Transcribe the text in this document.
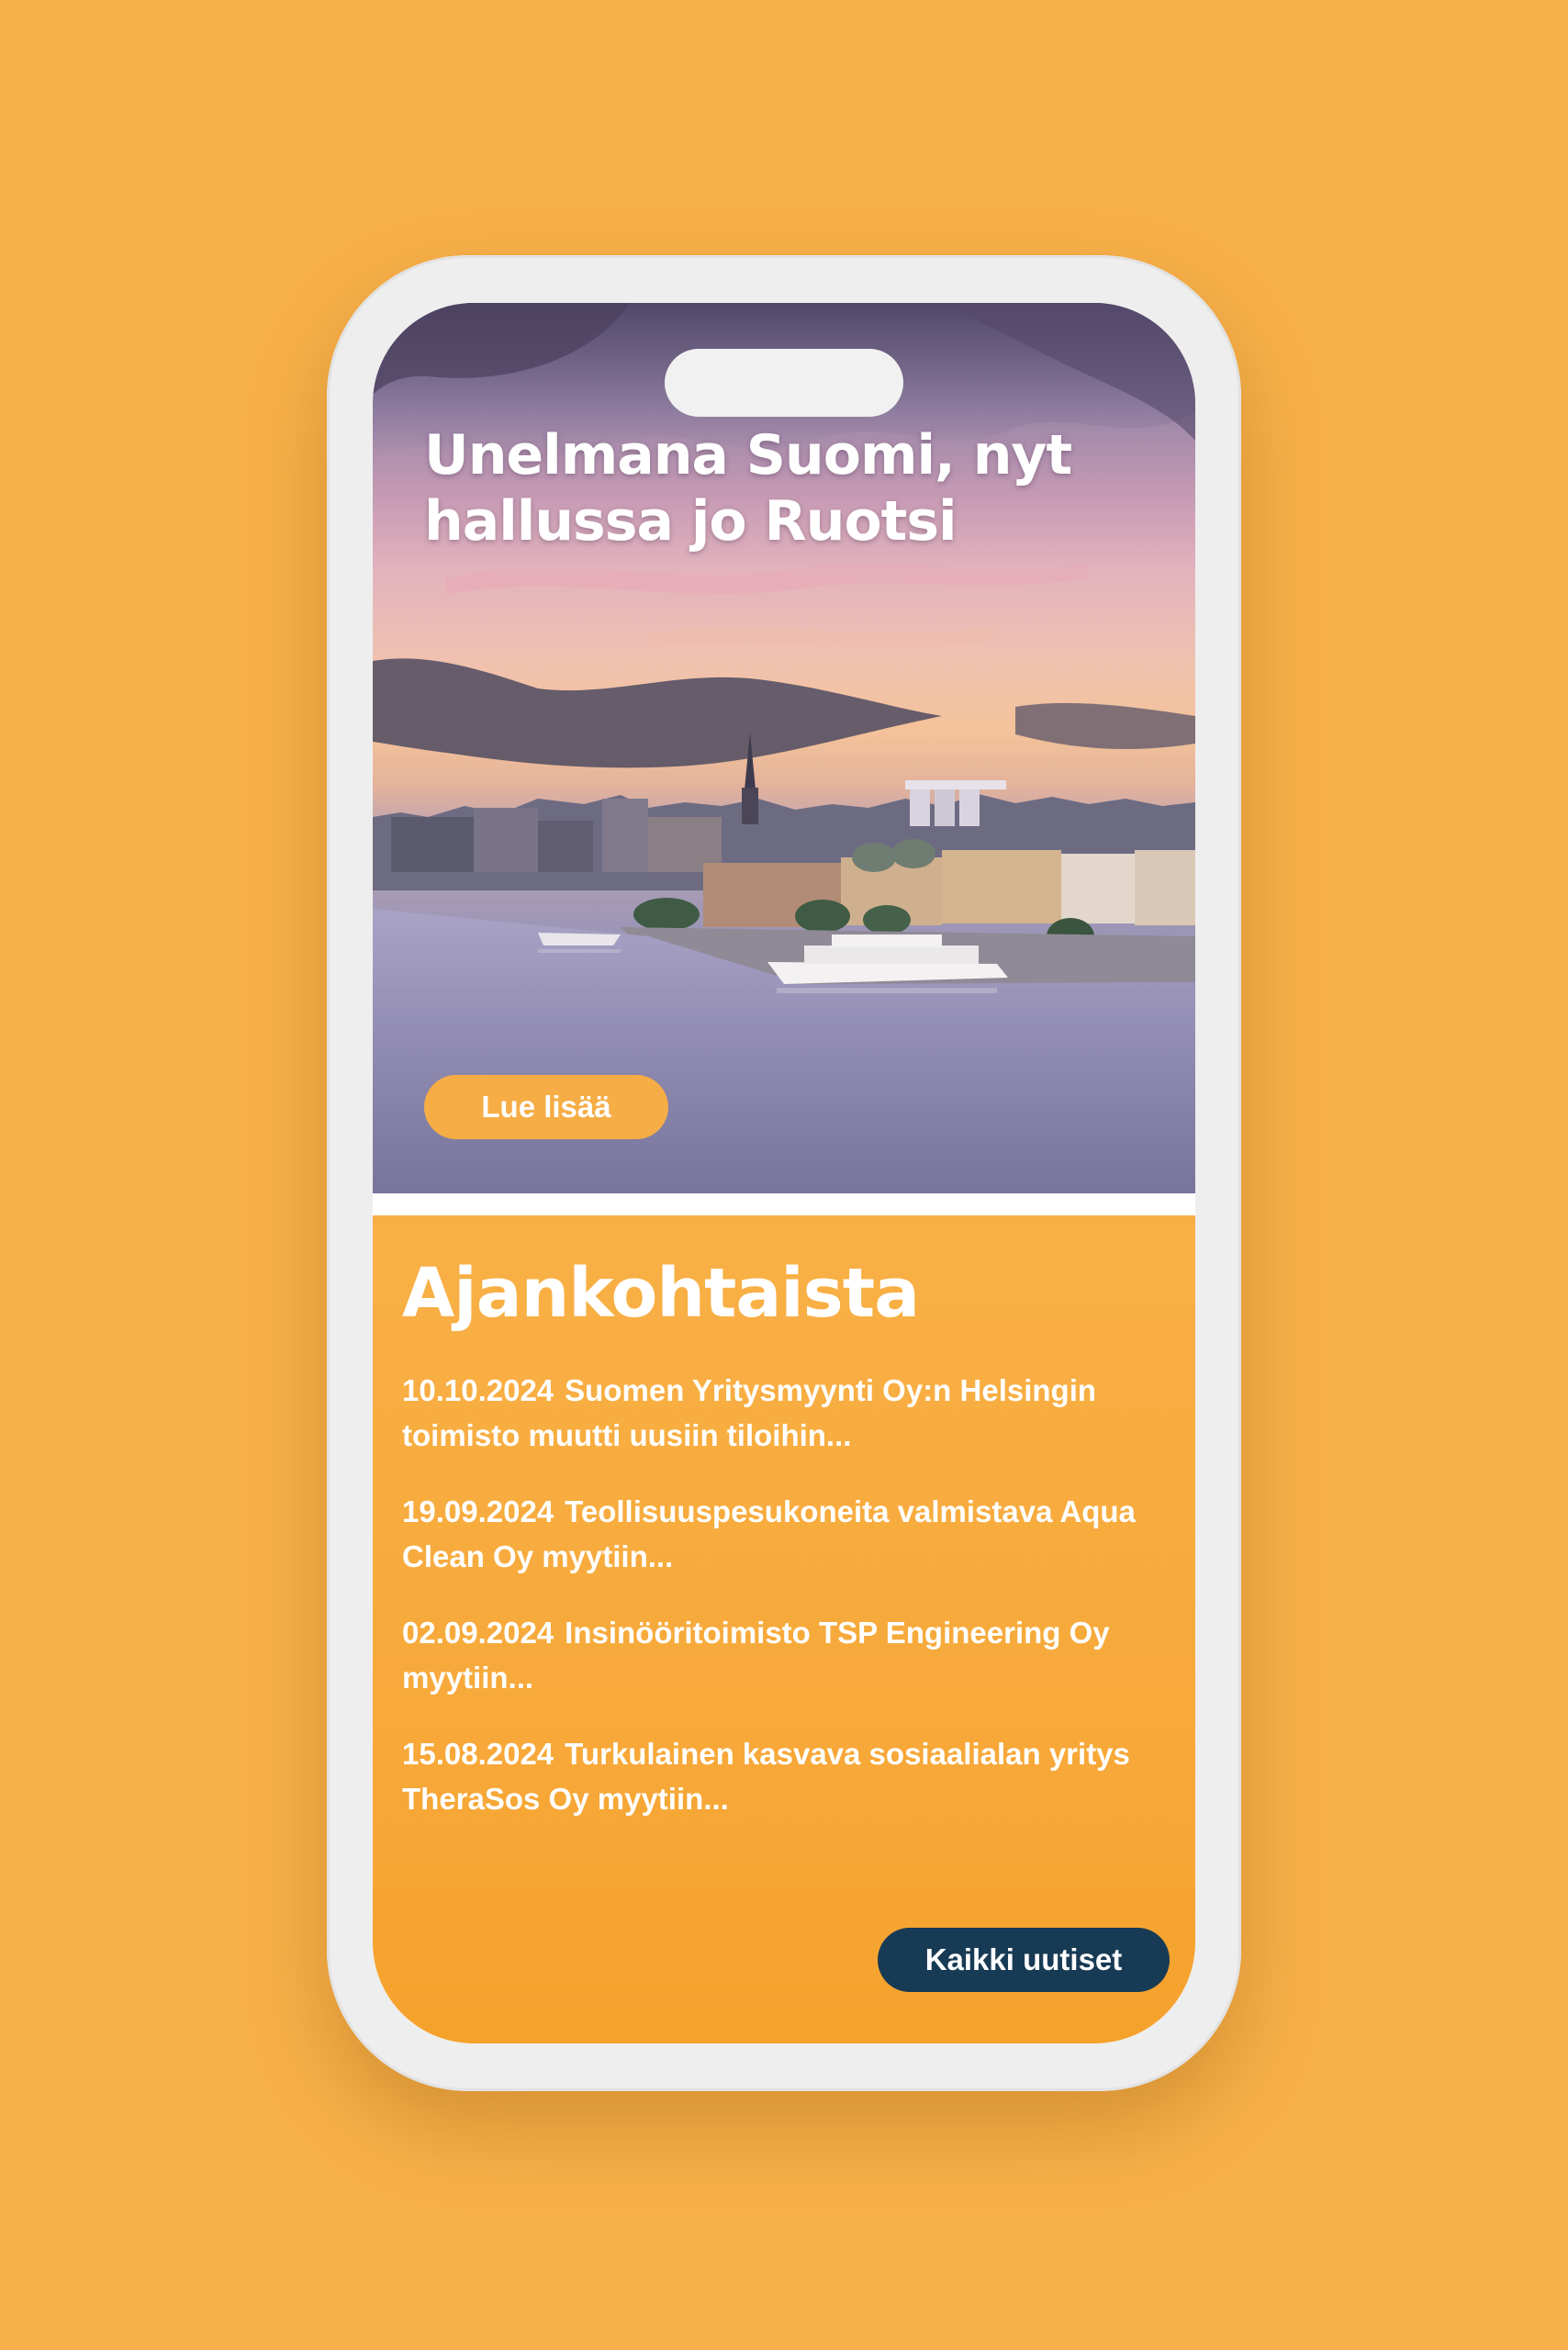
Unelmana Suomi, nyt hallussa jo Ruotsi
Lue lisää
Ajankohtaista
10.10.2024 Suomen Yritysmyynti Oy:n Helsingin toimisto muutti uusiin tiloihin...
19.09.2024 Teollisuuspesukoneita valmistava Aqua Clean Oy myytiin...
02.09.2024 Insinööritoimisto TSP Engineering Oy myytiin...
15.08.2024 Turkulainen kasvava sosiaalialan yritys TheraSos Oy myytiin...
Kaikki uutiset
